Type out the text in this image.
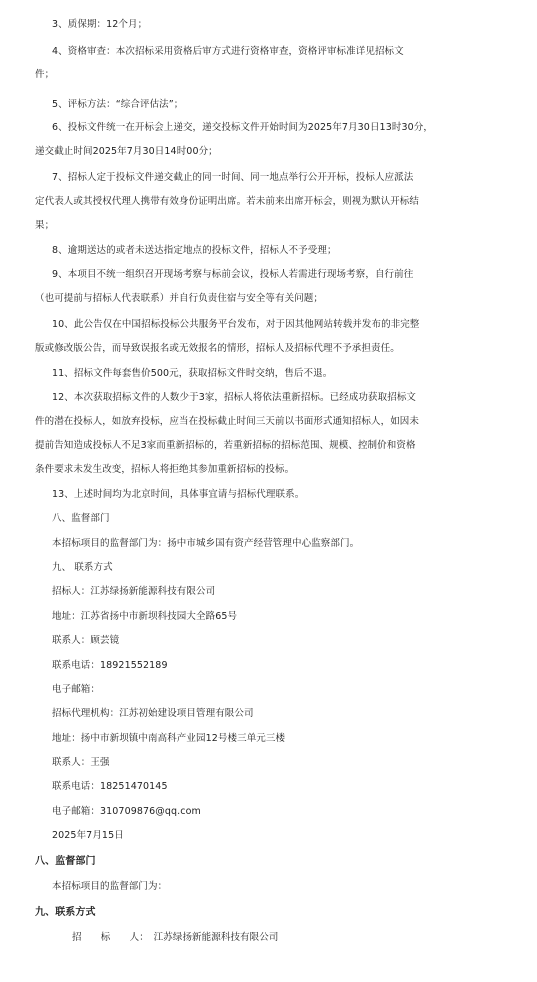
3、质保期：12个月；
4、资格审查：本次招标采用资格后审方式进行资格审查，资格评审标准详见招标文
件；
5、评标方法：“综合评估法”；
6、投标文件统一在开标会上递交，递交投标文件开始时间为2025年7月30日13时30分，
递交截止时间2025年7月30日14时00分；
7、招标人定于投标文件递交截止的同一时间、同一地点举行公开开标，投标人应派法
定代表人或其授权代理人携带有效身份证明出席。若未前来出席开标会，则视为默认开标结
果；
8、逾期送达的或者未送达指定地点的投标文件，招标人不予受理；
9、本项目不统一组织召开现场考察与标前会议，投标人若需进行现场考察，自行前往
（也可提前与招标人代表联系）并自行负责住宿与安全等有关问题；
10、此公告仅在中国招标投标公共服务平台发布，对于因其他网站转载并发布的非完整
版或修改版公告，而导致误报名或无效报名的情形，招标人及招标代理不予承担责任。
11、招标文件每套售价500元，获取招标文件时交纳，售后不退。
12、本次获取招标文件的人数少于3家，招标人将依法重新招标。已经成功获取招标文
件的潜在投标人，如放弃投标，应当在投标截止时间三天前以书面形式通知招标人，如因未
提前告知造成投标人不足3家而重新招标的，若重新招标的招标范围、规模、控制价和资格
条件要求未发生改变，招标人将拒绝其参加重新招标的投标。
13、上述时间均为北京时间，具体事宜请与招标代理联系。
八、监督部门
本招标项目的监督部门为：扬中市城乡国有资产经营管理中心监察部门。
九、 联系方式
招标人：江苏绿扬新能源科技有限公司
地址：江苏省扬中市新坝科技园大全路65号
联系人：顾芸镜
联系电话：18921552189
电子邮箱：
招标代理机构：江苏初始建设项目管理有限公司
地址：扬中市新坝镇中南高科产业园12号楼三单元三楼
联系人：王强
联系电话：18251470145
电子邮箱：310709876@qq.com
2025年7月15日
八、监督部门
本招标项目的监督部门为：
九、联系方式
招　　标　　人：　江苏绿扬新能源科技有限公司
